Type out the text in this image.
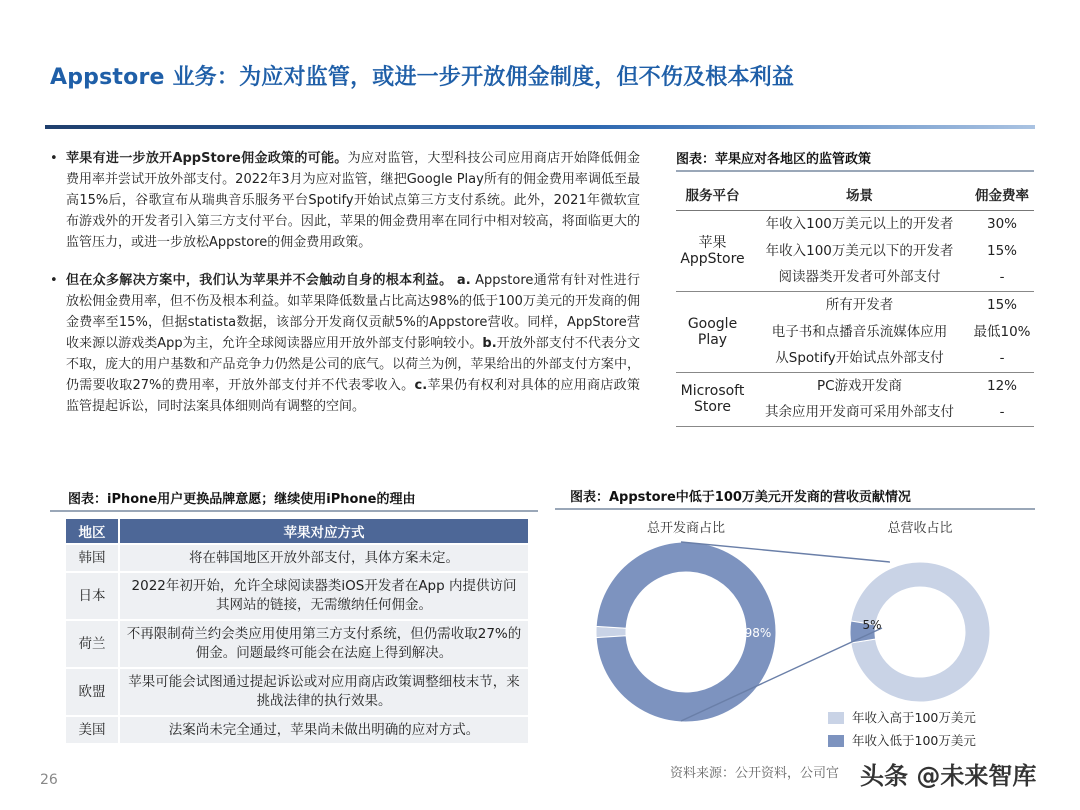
Appstore 业务：为应对监管，或进一步开放佣金制度，但不伤及根本利益
• 苹果有进一步放开AppStore佣金政策的可能。为应对监管，大型科技公司应用商店开始降低佣金费用率并尝试开放外部支付。2022年3月为应对监管，继把Google Play所有的佣金费用率调低至最高15%后，谷歌宣布从瑞典音乐服务平台Spotify开始试点第三方支付系统。此外，2021年微软宣布游戏外的开发者引入第三方支付平台。因此，苹果的佣金费用率在同行中相对较高，将面临更大的监管压力，或进一步放松Appstore的佣金费用政策。
• 但在众多解决方案中，我们认为苹果并不会触动自身的根本利益。 a. Appstore通常有针对性进行放松佣金费用率，但不伤及根本利益。如苹果降低数量占比高达98%的低于100万美元的开发商的佣金费率至15%，但据statista数据，该部分开发商仅贡献5%的Appstore营收。同样，AppStore营收来源以游戏类App为主，允许全球阅读器应用开放外部支付影响较小。b.开放外部支付不代表分文不取，庞大的用户基数和产品竞争力仍然是公司的底气。以荷兰为例，苹果给出的外部支付方案中，仍需要收取27%的费用率，开放外部支付并不代表零收入。c.苹果仍有权利对具体的应用商店政策监管提起诉讼，同时法案具体细则尚有调整的空间。
图表：苹果应对各地区的监管政策
服务平台	场景	佣金费率

苹果
AppStore	年收入100万美元以上的开发者	30%
	年收入100万美元以下的开发者	15%
	阅读器类开发者可外部支付	-

Google
Play	所有开发者	15%
	电子书和点播音乐流媒体应用	最低10%
	从Spotify开始试点外部支付	-

Microsoft
Store	PC游戏开发商	12%
	其余应用开发商可采用外部支付	-
图表：iPhone用户更换品牌意愿；继续使用iPhone的理由
地区	苹果对应方式
韩国	将在韩国地区开放外部支付，具体方案未定。
日本	2022年初开始，允许全球阅读器类iOS开发者在App 内提供访问其网站的链接，无需缴纳任何佣金。
荷兰	不再限制荷兰约会类应用使用第三方支付系统，但仍需收取27%的佣金。问题最终可能会在法庭上得到解决。
欧盟	苹果可能会试图通过提起诉讼或对应用商店政策调整细枝末节，来挑战法律的执行效果。
美国	法案尚未完全通过，苹果尚未做出明确的应对方式。
图表：Appstore中低于100万美元开发商的营收贡献情况
总开发商占比	总营收占比
98%
5%
年收入高于100万美元
年收入低于100万美元
资料来源：公开资料，公司官
26	头条 @未来智库
